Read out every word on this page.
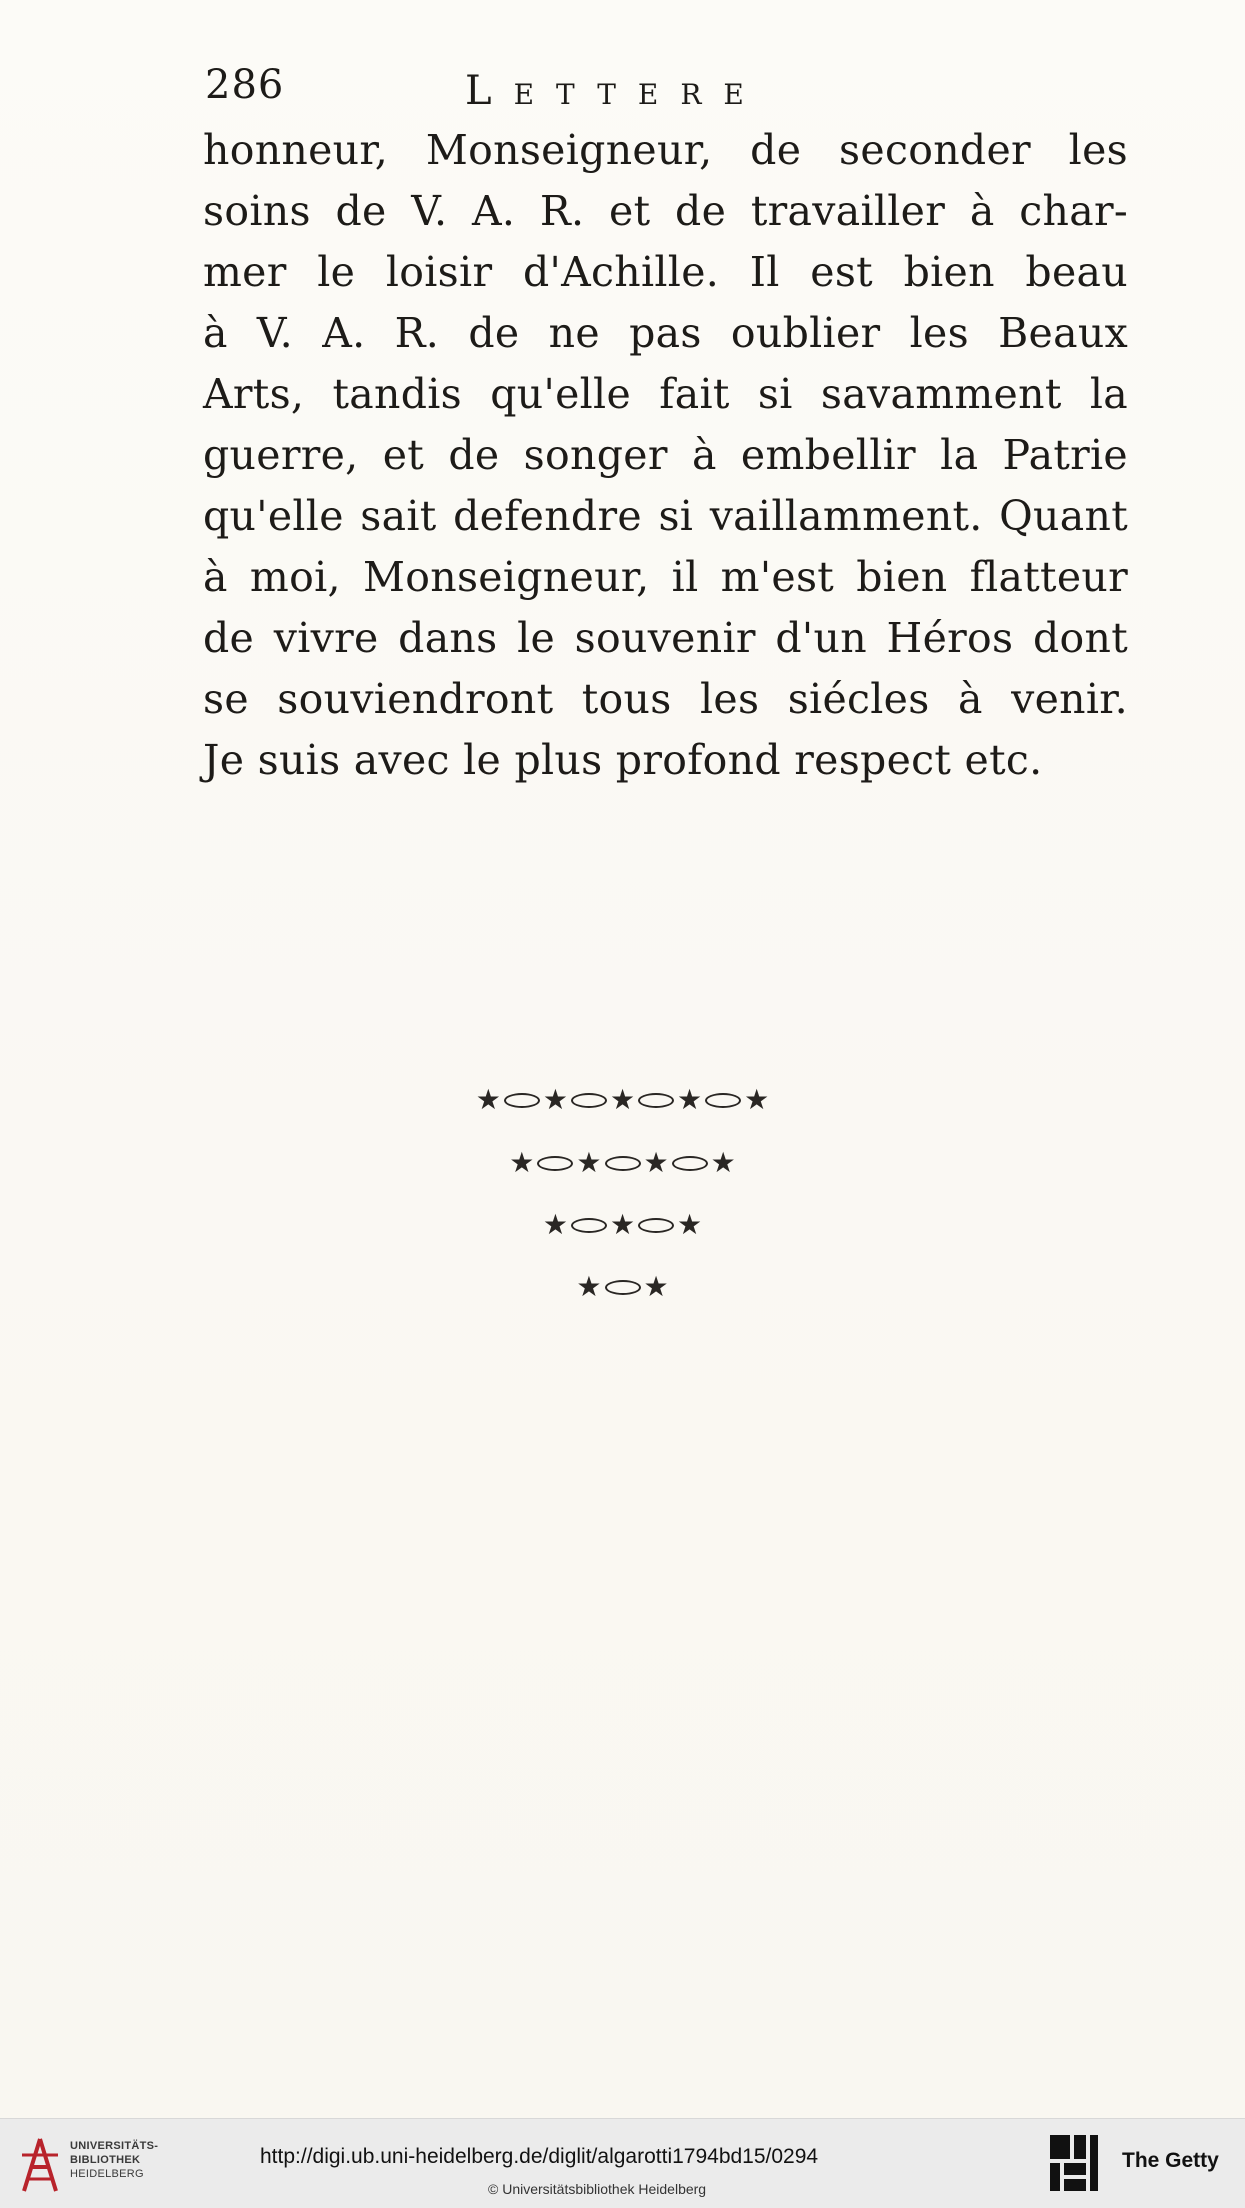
286	Lettere
honneur, Monseigneur, de seconder les
soins de V. A. R. et de travailler à char-
mer le loisir d'Achille. Il est bien beau
à V. A. R. de ne pas oublier les Beaux
Arts, tandis qu'elle fait si savamment la
guerre, et de songer à embellir la Patrie
qu'elle sait defendre si vaillamment. Quant
à moi, Monseigneur, il m'est bien flatteur
de vivre dans le souvenir d'un Héros dont
se souviendront tous les siécles à venir.
Je suis avec le plus profond respect etc.
★ ★ ★ ★ ★
★ ★ ★ ★
★ ★ ★
★ ★
UNIVERSITÄTS-
BIBLIOTHEK
HEIDELBERG
http://digi.ub.uni-heidelberg.de/diglit/algarotti1794bd15/0294
© Universitätsbibliothek Heidelberg
The Getty
